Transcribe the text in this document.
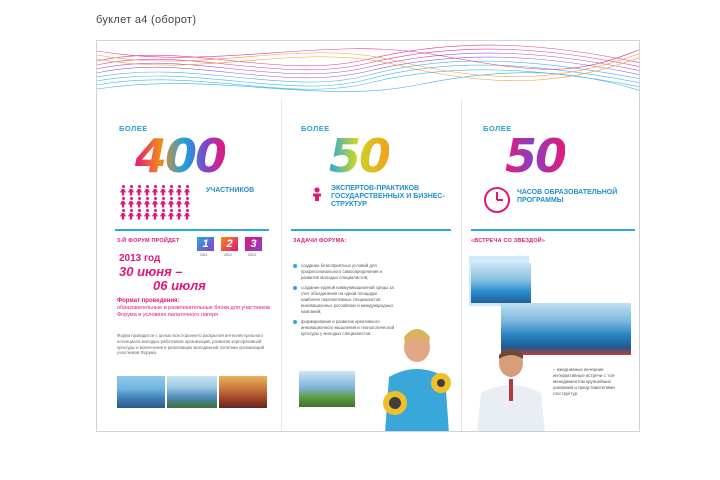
буклет а4 (оборот)
БОЛЕЕ
400
УЧАСТНИКОВ
3-Й ФОРУМ ПРОЙДЕТ	1
2011
2
2012
3
2013
2013 год
30 июня –
06 июля
Формат проведения:
образовательные и развлекательные блоки для участников Форума в условиях палаточного лагеря
Форум проводится с целью всестороннего раскрытия интеллектуального потенциала молодых работников организаций, развития корпоративной культуры и вовлечения в реализацию молодежной политики организаций участников Форума.
БОЛЕЕ
50
ЭКСПЕРТОВ-ПРАКТИКОВ ГОСУДАРСТВЕННЫХ И БИЗНЕС-СТРУКТУР
ЗАДАЧИ ФОРУМА:
создание благоприятных условий для профессионального самоопределения и развития молодых специалистов;
создание единой коммуникационной среды за счет объединения на одной площадке наиболее перспективных специалистов инновационных российских и международных компаний;
формирование и развитие креативного инновационного мышления и технологической культуры у молодых специалистов.
БОЛЕЕ
50
ЧАСОВ ОБРАЗОВАТЕЛЬНОЙ ПРОГРАММЫ
«ВСТРЕЧА СО ЗВЕЗДОЙ»
– ежедневные вечерние интерактивные встречи с топ-менеджментом крупнейших компаний и представителями госструктур.
